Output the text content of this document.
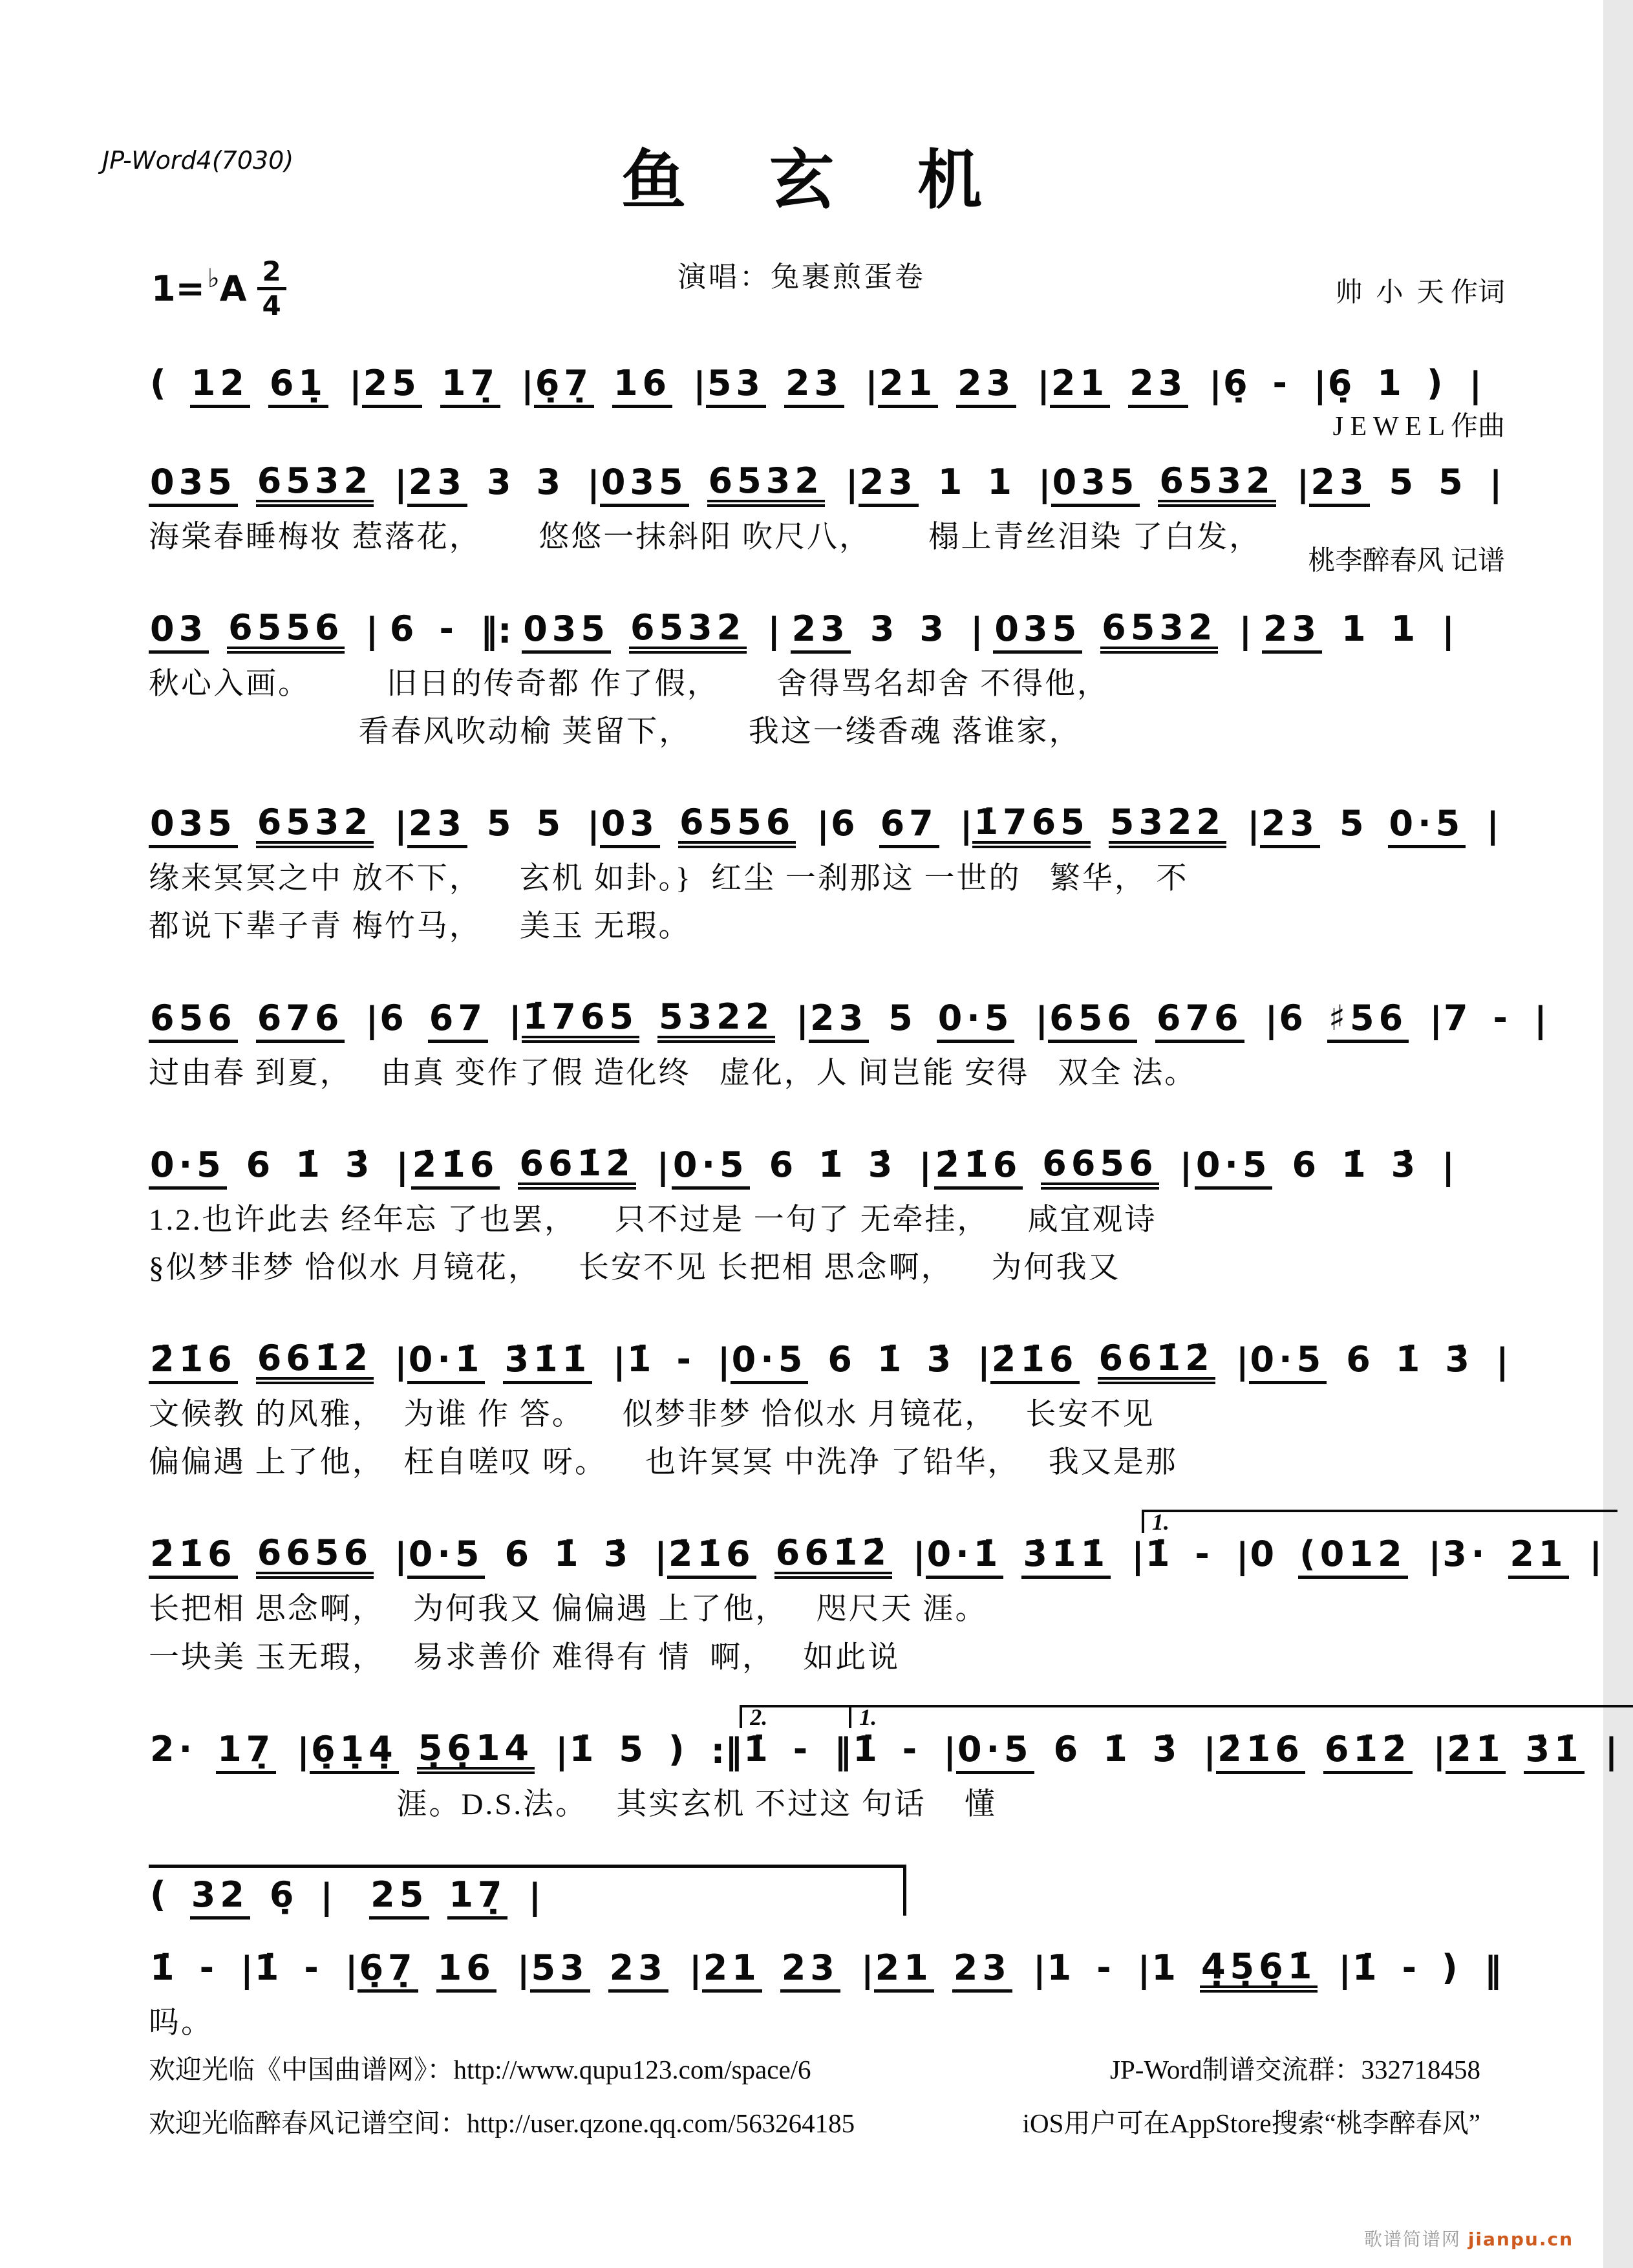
JP-Word4(7030)	鱼 玄 机
演唱：兔裹煎蛋卷

	帅  小  天 作词

J E W E L 作曲

桃李醉春风 记谱

1= ♭ A $\frac{2}{4}$
( 12 61̣ | 25 17̣ | 6̣7̣ 16 | 53 23 | 21 23 | 21 23 | 6̣ - | 6̣ 1 ) |
035 6532 | 23 3 3 | 035 6532 | 23 1 1 | 035 6532 | 23 5 5 |
海棠春睡梅妆 惹落花，      悠悠一抹斜阳 吹尺八，      榻上青丝泪染 了白发，
03 6556 | 6 - ‖: 035 6532 | 23 3 3 | 035 6532 | 23 1 1 |
秋心入画。        旧日的传奇都 作了假，      舍得骂名却舍 不得他，
看春风吹动榆 荚留下，      我这一缕香魂 落谁家，
035 6532 | 23 5 5 | 03 6556 | 6 67 | 1̇765 5322 | 23 5 0·5 |
缘来冥冥之中 放不下，    玄机 如卦。}  红尘 一刹那这 一世的   繁华， 不
都说下辈子青 梅竹马，    美玉 无瑕。
656 676 | 6 67 | 1̇765 5322 | 23 5 0·5 | 656 676 | 6 ♯56 | 7 - |
过由春 到夏，   由真 变作了假 造化终   虚化，人 间岂能 安得   双全 法。
0·5 6 1̇ 3̇ | 2̇1̇6 661̇2̇ | 0·5 6 1̇ 3̇ | 2̇1̇6 6656 | 0·5 6 1̇ 3̇ |
1.2.也许此去 经年忘 了也罢，    只不过是 一句了 无牵挂，    咸宜观诗
§似梦非梦 恰似水 月镜花，    长安不见 长把相 思念啊，    为何我又
2̇1̇6 661̇2̇ | 0·1̇ 3̇1̇1̇ | 1̇ - | 0·5 6 1̇ 3̇ | 2̇1̇6 661̇2̇ | 0·5 6 1̇ 3̇ |
文候教 的风雅，  为谁 作 答。    似梦非梦 恰似水 月镜花，   长安不见
偏偏遇 上了他，  枉自嗟叹 呀。    也许冥冥 中洗净 了铅华，   我又是那
2̇1̇6 6656 | 0·5 6 1̇ 3̇ | 2̇1̇6 661̇2̇ | 0·1̇ 3̇1̇1̇ |
1.
1̇ - | 0 (012 | 3· 21 |
长把相 思念啊，   为何我又 偏偏遇 上了他，   咫尺天 涯。
一块美 玉无瑕，   易求善价 难得有 情  啊，   如此说
2· 17̣ | 6̣1̣4̣ 5̣6̣14 | 1̇ 5 ) :‖
2.
1̇ - ‖
1.
1̇ - | 0·5 6 1̇ 3̇ | 2̇1̇6 61̇2̇ | 2̇1̇ 3̇1̇ |
涯。D.S.法。   其实玄机 不过这 句话    懂
( 32 6̣ | 25 17̣ |
1̇ - | 1̇ - | 6̣7̣ 16 | 53 23 | 21 23 | 21 23 | 1 - | 1 4̣5̣6̣1̇ | 1̇ - ) ‖
吗。
欢迎光临《中国曲谱网》：http://www.qupu123.com/space/6	JP-Word制谱交流群：332718458
欢迎光临醉春风记谱空间：http://user.qzone.qq.com/563264185	iOS用户可在AppStore搜索“桃李醉春风”
歌谱简谱网 jianpu.cn
